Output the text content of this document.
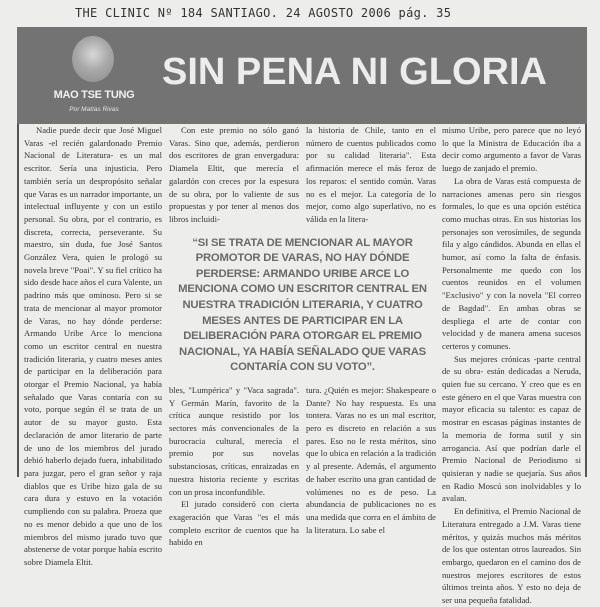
THE CLINIC Nº 184 SANTIAGO. 24 AGOSTO 2006 pág. 35
MAO TSE TUNG
Por Matías Rivas
SIN PENA NI GLORIA

Nadie puede decir que José Miguel Varas -el recién galardonado Premio Nacional de Literatura- es un mal escritor. Sería una injusticia. Pero también sería un despropósito señalar que Varas es un narrador importante, un intelectual influyente y con un estilo personal. Su obra, por el contrario, es discreta, correcta, perseverante. Su maestro, sin duda, fue José Santos González Vera, quien le prologó su novela breve "Poai". Y su fiel crítico ha sido desde hace años el cura Valente, un padrino más que ominoso. Pero si se trata de mencionar al mayor promotor de Varas, no hay dónde perderse: Armando Uribe Arce lo menciona como un escritor central en nuestra tradición literaria, y cuatro meses antes de participar en la deliberación para otorgar el Premio Nacional, ya había señalado que Varas contaría con su voto, porque según él se trata de un autor de su mayor gusto. Esta declaración de amor literario de parte de uno de los miembros del jurado debió haberlo dejado fuera, inhabilitado para juzgar, pero el gran señor y raja diablos que es Uribe hizo gala de su cara dura y estuvo en la votación cumpliendo con su palabra. Proeza que no es menor debido a que uno de los miembros del mismo jurado tuvo que abstenerse de votar porque había escrito sobre Diamela Eltit.

Con este premio no sólo ganó Varas. Sino que, además, perdieron dos escritores de gran envergadura: Diamela Eltit, que merecía el galardón con creces por la espesura de su obra, por lo valiente de sus propuestas y por tener al menos dos libros incluidi-

la historia de Chile, tanto en el número de cuentos publicados como por su calidad literaria". Esta afirmación merece el más feroz de los reparos: el sentido común. Varas no es el mejor. La categoría de lo mejor, como algo superlativo, no es válida en la litera-

“SI SE TRATA DE MENCIONAR AL MAYOR PROMOTOR DE VARAS, NO HAY DÓNDE PERDERSE: ARMANDO URIBE ARCE LO MENCIONA COMO UN ESCRITOR CENTRAL EN NUESTRA TRADICIÓN LITERARIA, Y CUATRO MESES ANTES DE PARTICIPAR EN LA DELIBERACIÓN PARA OTORGAR EL PREMIO NACIONAL, YA HABÍA SEÑALADO QUE VARAS CONTARÍA CON SU VOTO”.

bles, "Lumpérica" y "Vaca sagrada". Y Germán Marín, favorito de la crítica aunque resistido por los sectores más convencionales de la burocracia cultural, merecía el premio por sus novelas substanciosas, críticas, enraizadas en nuestra historia reciente y escritas con un prosa inconfundible.

El jurado consideró con cierta exageración que Varas "es el más completo escritor de cuentos que ha habido en

tura. ¿Quién es mejor: Shakespeare o Dante? No hay respuesta. Es una tontera. Varas no es un mal escritor, pero es discreto en relación a sus pares. Eso no le resta méritos, sino que lo ubica en relación a la tradición y al presente. Además, el argumento de haber escrito una gran cantidad de volúmenes no es de peso. La abundancia de publicaciones no es una medida que corra en el ámbito de la literatura. Lo sabe el

mismo Uribe, pero parece que no leyó lo que la Ministra de Educación iba a decir como argumento a favor de Varas luego de zanjado el premio.

La obra de Varas está compuesta de narraciones amenas pero sin riesgos formales, lo que es una opción estética como muchas otras. En sus historias los personajes son verosímiles, de segunda fila y algo cándidos. Abunda en ellas el humor, así como la falta de énfasis. Personalmente me quedo con los cuentos reunidos en el volumen "Exclusivo" y con la novela "El correo de Bagdad". En ambas obras se despliega el arte de contar con velocidad y de manera amena sucesos certeros y comunes.

Sus mejores crónicas -parte central de su obra- están dedicadas a Neruda, quien fue su cercano. Y creo que es en este género en el que Varas muestra con mayor eficacia su talento: es capaz de mostrar en escasas páginas instantes de la memoria de forma sutil y sin arrogancia. Así que podrían darle el Premio Nacional de Periodismo si quisieran y nadie se quejaría. Sus años en Radio Moscú son inolvidables y lo avalan.

En definitiva, el Premio Nacional de Literatura entregado a J.M. Varas tiene méritos, y quizás muchos más méritos de los que ostentan otros laureados. Sin embargo, quedaron en el camino dos de nuestros mejores escritores de estos últimos treinta años. Y esto no deja de ser una pequeña fatalidad.
